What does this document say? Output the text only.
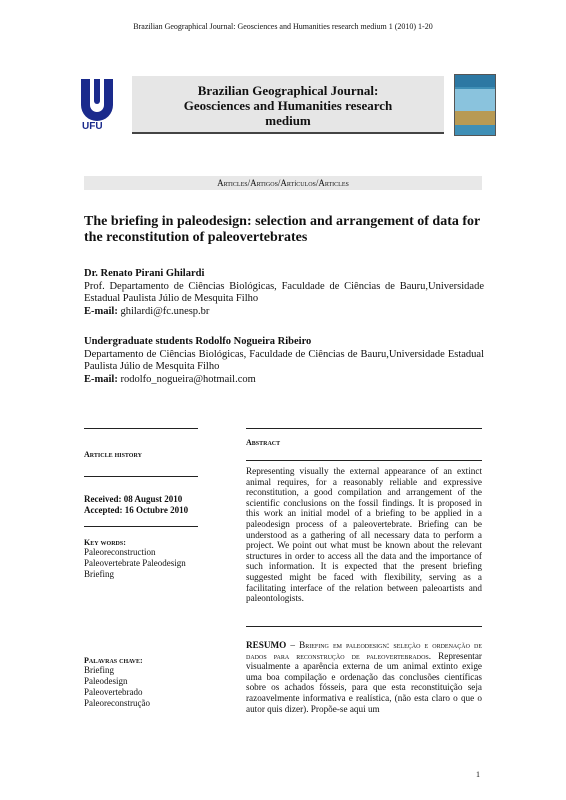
Brazilian Geographical Journal: Geosciences and Humanities research medium 1 (2010) 1-20
UFU
Brazilian Geographical Journal:
Geosciences and Humanities research
medium
Articles/Artigos/Artículos/Articles
The briefing in paleodesign: selection and arrangement of data for the reconstitution of paleovertebrates
Dr. Renato Pirani Ghilardi
Prof. Departamento de Ciências Biológicas, Faculdade de Ciências de Bauru,Universidade Estadual Paulista Júlio de Mesquita Filho
E-mail: ghilardi@fc.unesp.br
Undergraduate students Rodolfo Nogueira Ribeiro
Departamento de Ciências Biológicas, Faculdade de Ciências de Bauru,Universidade Estadual Paulista Júlio de Mesquita Filho
E-mail: rodolfo_nogueira@hotmail.com
Article history
Abstract
Received: 08 August 2010
Accepted: 16 Octubre 2010
Key words:
Paleoreconstruction
Paleovertebrate Paleodesign
Briefing
Representing visually the external appearance of an extinct animal requires, for a reasonably reliable and expressive reconstitution, a good compilation and arrangement of the scientific conclusions on the fossil findings. It is proposed in this work an initial model of a briefing to be applied in a paleodesign process of a paleovertebrate. Briefing can be understood as a gathering of all necessary data to perform a project. We point out what must be known about the relevant structures in order to access all the data and the importance of such information. It is expected that the present briefing suggested might be faced with flexibility, serving as a facilitating interface of the relation between paleoartists and paleontologists.
Palavras chave:
Briefing
Paleodesign
Paleovertebrado
Paleoreconstrução
RESUMO – Briefing em paleodesign: seleção e ordenação de dados para reconstrução de paleovertebrados. Representar visualmente a aparência externa de um animal extinto exige uma boa compilação e ordenação das conclusões científicas sobre os achados fósseis, para que esta reconstituição seja razoavelmente informativa e realística, (não esta claro o que o autor quis dizer). Propõe-se aqui um
1
